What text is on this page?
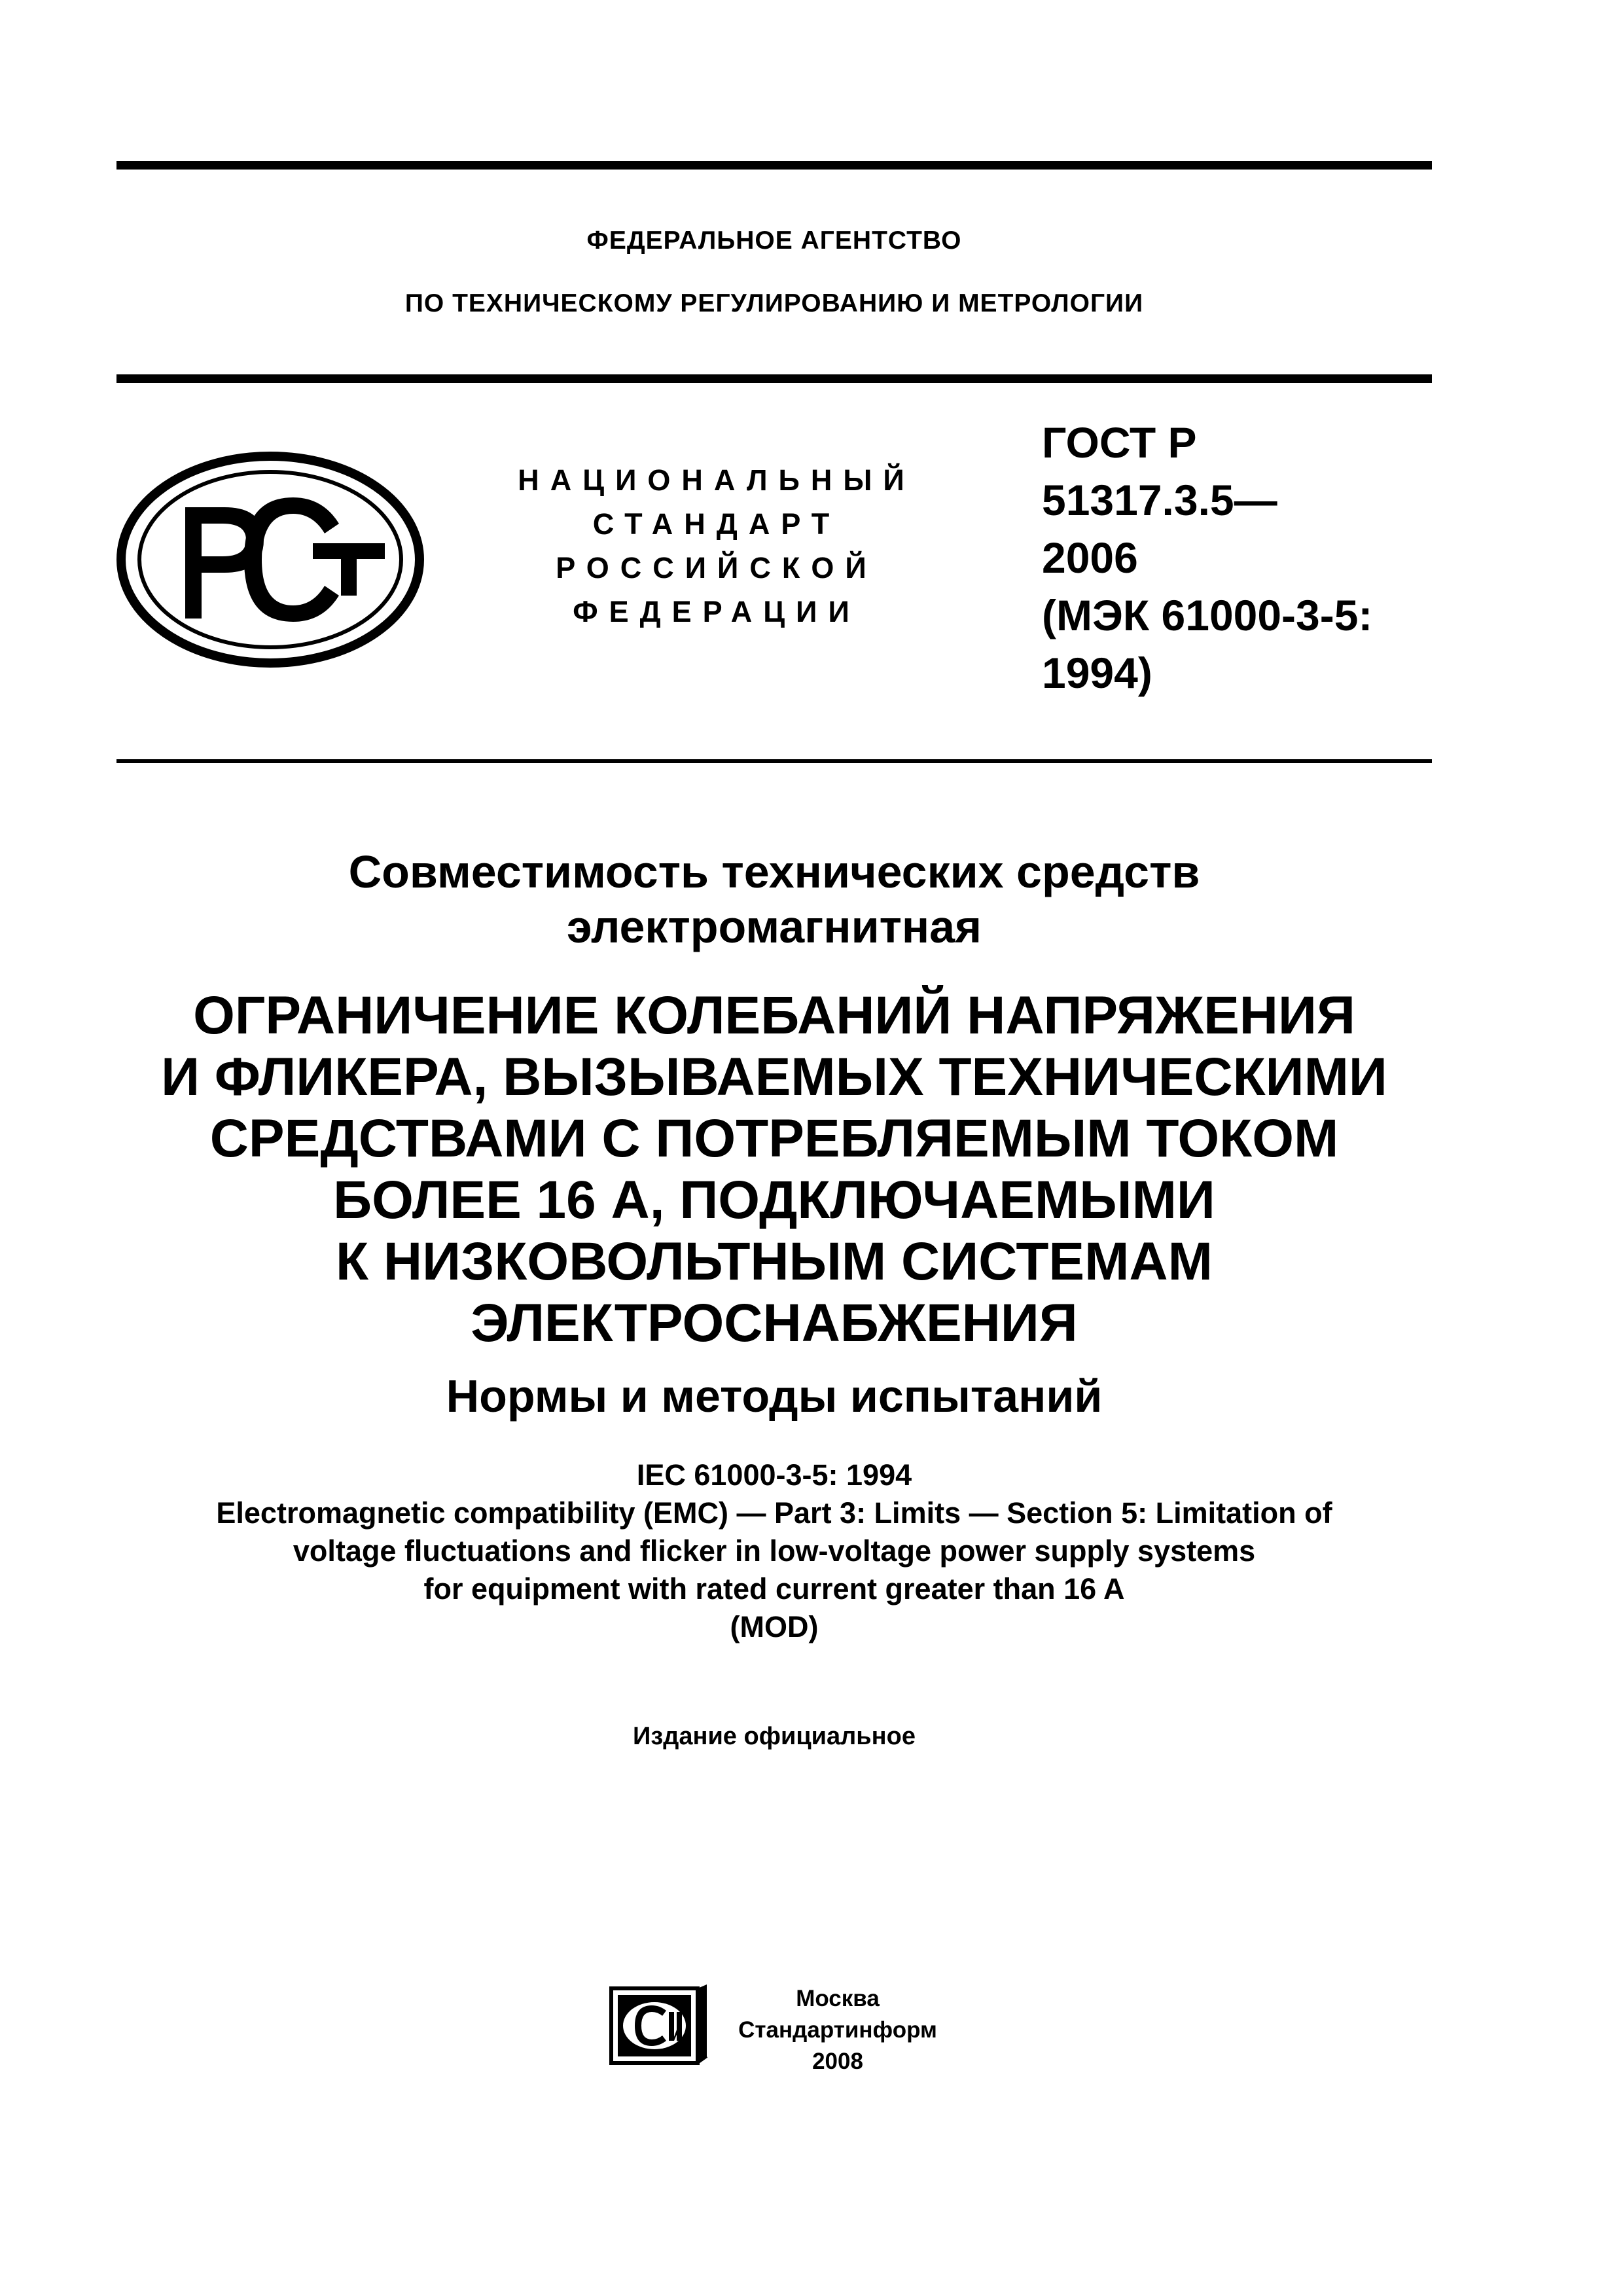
ФЕДЕРАЛЬНОЕ АГЕНТСТВО
ПО ТЕХНИЧЕСКОМУ РЕГУЛИРОВАНИЮ И МЕТРОЛОГИИ
НАЦИОНАЛЬНЫЙ
СТАНДАРТ
РОССИЙСКОЙ
ФЕДЕРАЦИИ
ГОСТ Р
51317.3.5—
2006
(МЭК 61000-3-5:
1994)
Совместимость технических средств
электромагнитная
ОГРАНИЧЕНИЕ КОЛЕБАНИЙ НАПРЯЖЕНИЯ
И ФЛИКЕРА, ВЫЗЫВАЕМЫХ ТЕХНИЧЕСКИМИ
СРЕДСТВАМИ С ПОТРЕБЛЯЕМЫМ ТОКОМ
БОЛЕЕ 16 А, ПОДКЛЮЧАЕМЫМИ
К НИЗКОВОЛЬТНЫМ СИСТЕМАМ
ЭЛЕКТРОСНАБЖЕНИЯ
Нормы и методы испытаний
IEC 61000-3-5: 1994
Electromagnetic compatibility (EMC) — Part 3: Limits — Section 5: Limitation of
voltage fluctuations and flicker in low-voltage power supply systems
for equipment with rated current greater than 16 A
(MOD)
Издание официальное
Москва
Стандартинформ
2008
